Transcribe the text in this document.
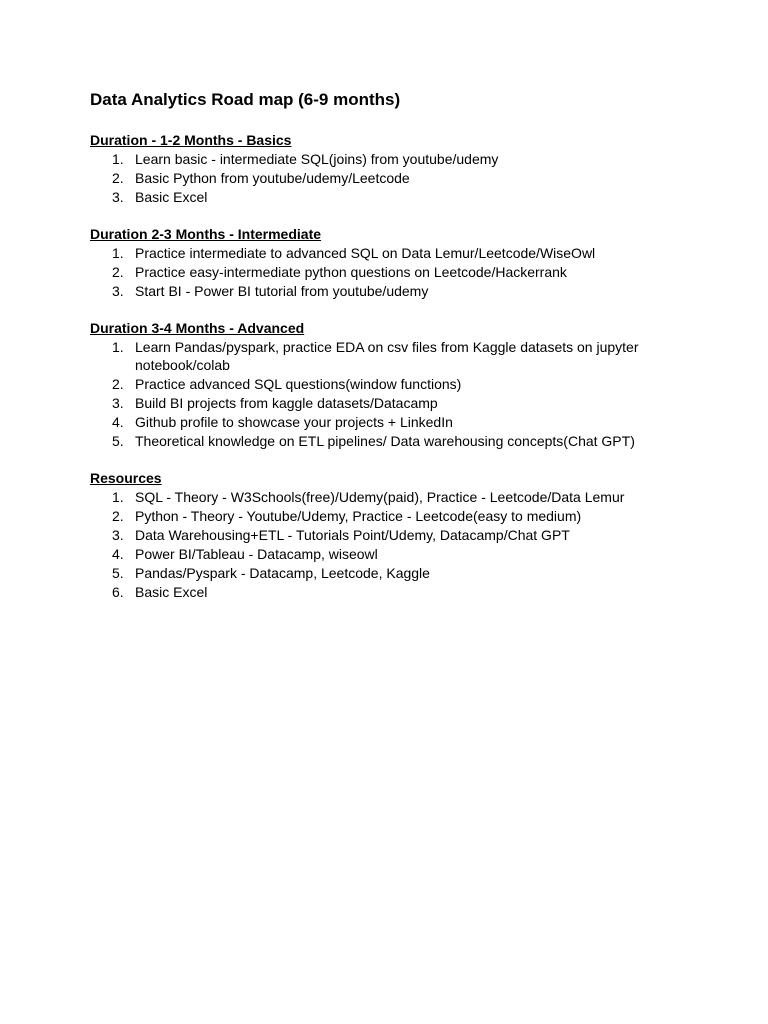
Data Analytics Road map (6-9 months)
Duration - 1-2 Months - Basics
1. Learn basic - intermediate SQL(joins) from youtube/udemy
2. Basic Python from youtube/udemy/Leetcode
3. Basic Excel
Duration 2-3 Months - Intermediate
1. Practice intermediate to advanced SQL on Data Lemur/Leetcode/WiseOwl
2. Practice easy-intermediate python questions on Leetcode/Hackerrank
3. Start BI - Power BI tutorial from youtube/udemy
Duration 3-4 Months - Advanced
1. Learn Pandas/pyspark, practice EDA on csv files from Kaggle datasets on jupyter notebook/colab
2. Practice advanced SQL questions(window functions)
3. Build BI projects from kaggle datasets/Datacamp
4. Github profile to showcase your projects + LinkedIn
5. Theoretical knowledge on ETL pipelines/ Data warehousing concepts(Chat GPT)
Resources
1. SQL - Theory - W3Schools(free)/Udemy(paid), Practice - Leetcode/Data Lemur
2. Python - Theory - Youtube/Udemy, Practice - Leetcode(easy to medium)
3. Data Warehousing+ETL - Tutorials Point/Udemy, Datacamp/Chat GPT
4. Power BI/Tableau - Datacamp, wiseowl
5. Pandas/Pyspark - Datacamp, Leetcode, Kaggle
6. Basic Excel
